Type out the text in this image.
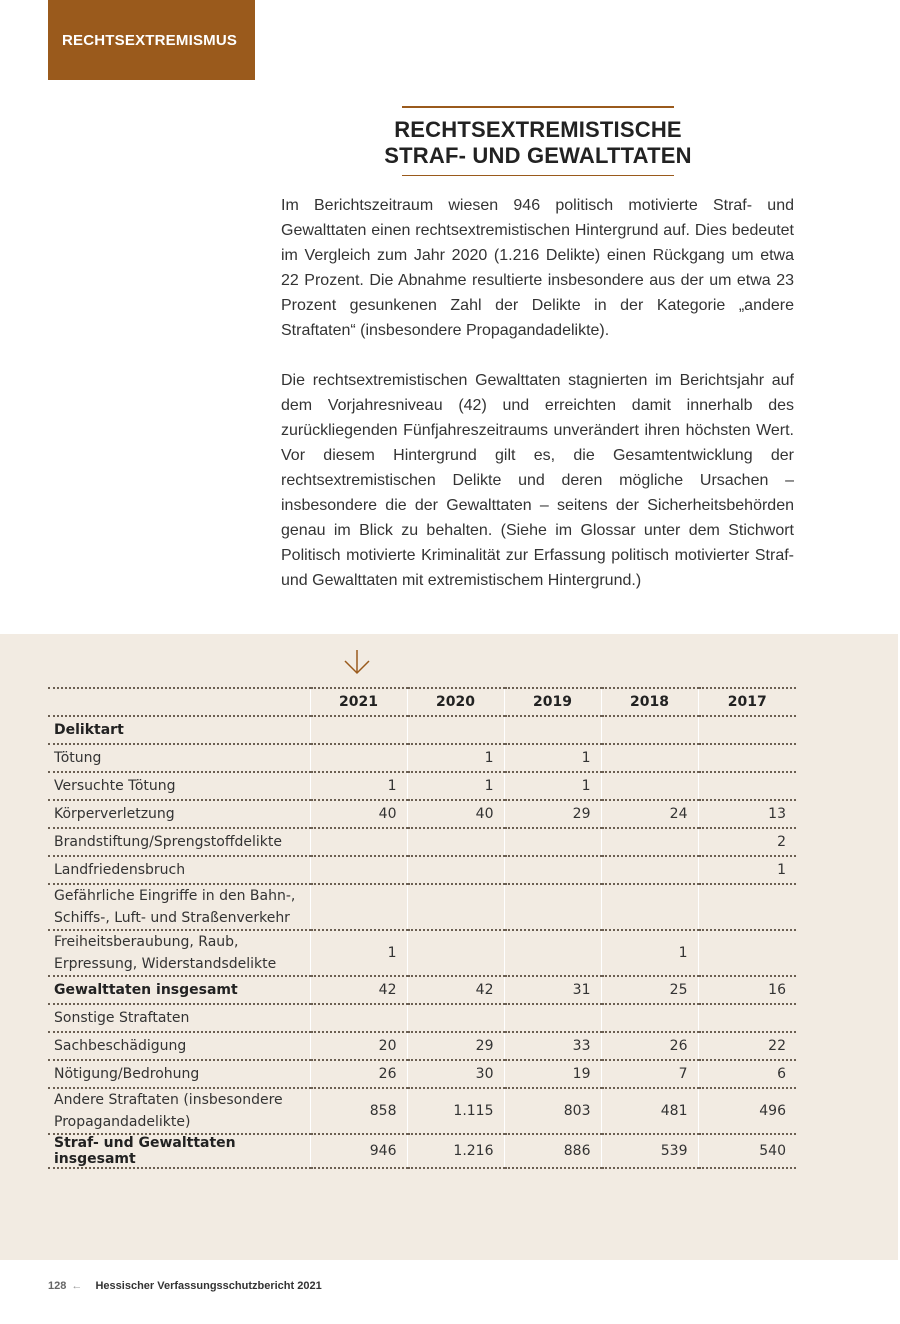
RECHTSEXTREMISMUS
RECHTSEXTREMISTISCHE
STRAF- UND GEWALTTATEN

Im Berichtszeitraum wiesen 946 politisch motivierte Straf- und Gewalttaten einen rechtsextremistischen Hintergrund auf. Dies bedeutet im Vergleich zum Jahr 2020 (1.216 Delikte) einen Rückgang um etwa 22 Prozent. Die Abnahme resultierte insbesondere aus der um etwa 23 Prozent gesunkenen Zahl der Delikte in der Kategorie „andere Straftaten“ (insbesondere Propagandadelikte).

Die rechtsextremistischen Gewalttaten stagnierten im Berichtsjahr auf dem Vorjahresniveau (42) und erreichten damit innerhalb des zurückliegenden Fünfjahreszeitraums unverändert ihren höchsten Wert. Vor diesem Hintergrund gilt es, die Gesamtentwicklung der rechtsextremistischen Delikte und deren mögliche Ursachen – insbesondere die der Gewalttaten – seitens der Sicherheitsbehörden genau im Blick zu behalten. (Siehe im Glossar unter dem Stichwort Politisch motivierte Kriminalität zur Erfassung politisch motivierter Straf- und Gewalttaten mit extremistischem Hintergrund.)

	2021	2020	2019	2018	2017
Deliktart					
Tötung		1	1		
Versuchte Tötung	1	1	1		
Körperverletzung	40	40	29	24	13
Brandstiftung/Sprengstoffdelikte					2
Landfriedensbruch					1
Gefährliche Eingriffe in den Bahn-, Schiffs-, Luft- und Straßenverkehr					
Freiheitsberaubung, Raub, Erpressung, Widerstandsdelikte	1			1	
Gewalttaten insgesamt	42	42	31	25	16
Sonstige Straftaten					
Sachbeschädigung	20	29	33	26	22
Nötigung/Bedrohung	26	30	19	7	6
Andere Straftaten (insbesondere Propagandadelikte)	858	1.115	803	481	496
Straf- und Gewalttaten insgesamt	946	1.216	886	539	540
128 ← Hessischer Verfassungsschutzbericht 2021
